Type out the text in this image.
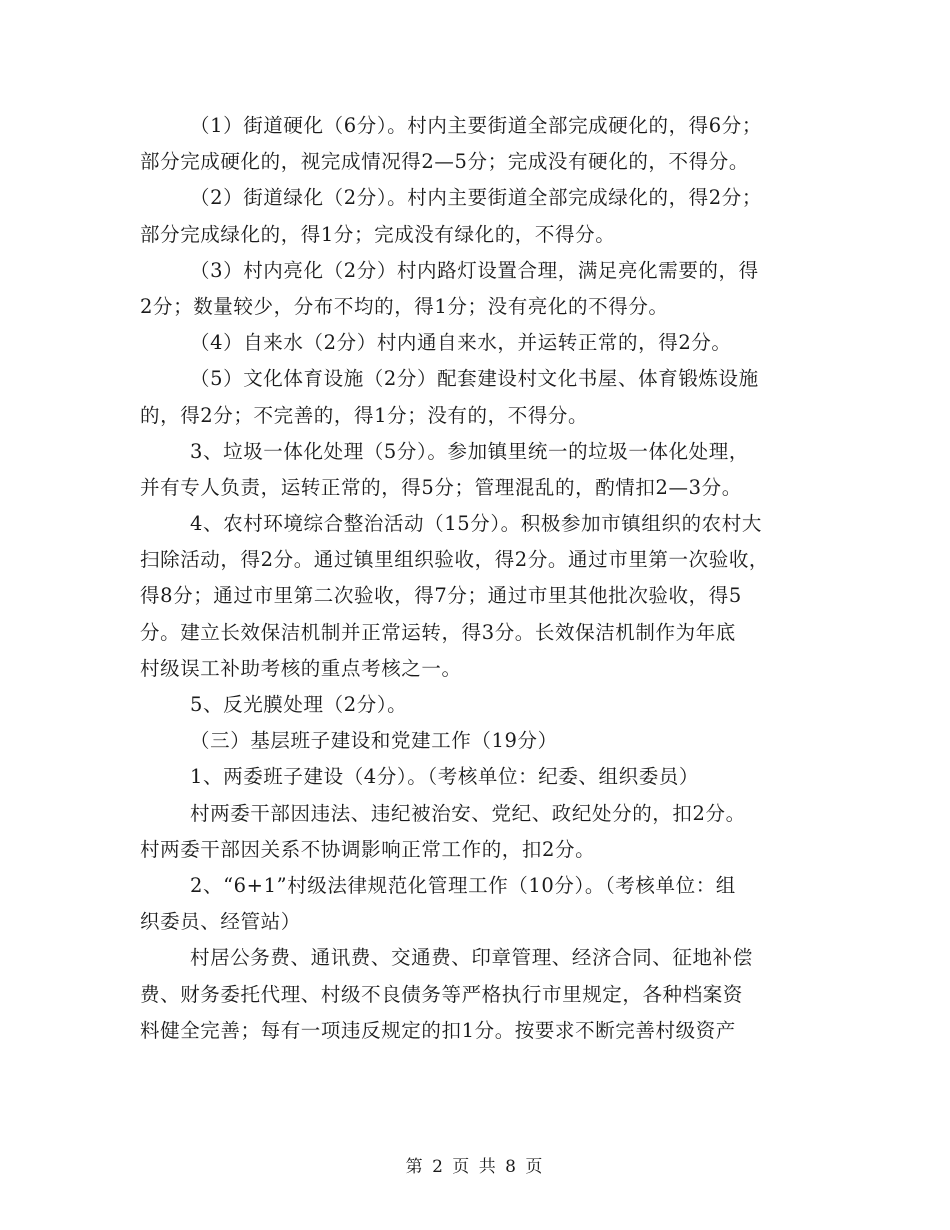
（1）街道硬化（6分）。村内主要街道全部完成硬化的，得6分；
部分完成硬化的，视完成情况得2—5分；完成没有硬化的，不得分。
（2）街道绿化（2分）。村内主要街道全部完成绿化的，得2分；
部分完成绿化的，得1分；完成没有绿化的，不得分。
（3）村内亮化（2分）村内路灯设置合理，满足亮化需要的，得
2分；数量较少，分布不均的，得1分；没有亮化的不得分。
（4）自来水（2分）村内通自来水，并运转正常的，得2分。
（5）文化体育设施（2分）配套建设村文化书屋、体育锻炼设施
的，得2分；不完善的，得1分；没有的，不得分。
3、垃圾一体化处理（5分）。参加镇里统一的垃圾一体化处理，
并有专人负责，运转正常的，得5分；管理混乱的，酌情扣2—3分。
4、农村环境综合整治活动（15分）。积极参加市镇组织的农村大
扫除活动，得2分。通过镇里组织验收，得2分。通过市里第一次验收，
得8分；通过市里第二次验收，得7分；通过市里其他批次验收，得5
分。建立长效保洁机制并正常运转，得3分。长效保洁机制作为年底
村级误工补助考核的重点考核之一。
5、反光膜处理（2分）。
（三）基层班子建设和党建工作（19分）
1、两委班子建设（4分）。（考核单位：纪委、组织委员）
村两委干部因违法、违纪被治安、党纪、政纪处分的，扣2分。
村两委干部因关系不协调影响正常工作的，扣2分。
2、“6+1”村级法律规范化管理工作（10分）。（考核单位：组
织委员、经管站）
村居公务费、通讯费、交通费、印章管理、经济合同、征地补偿
费、财务委托代理、村级不良债务等严格执行市里规定，各种档案资
料健全完善；每有一项违反规定的扣1分。按要求不断完善村级资产
第 2 页 共 8 页
